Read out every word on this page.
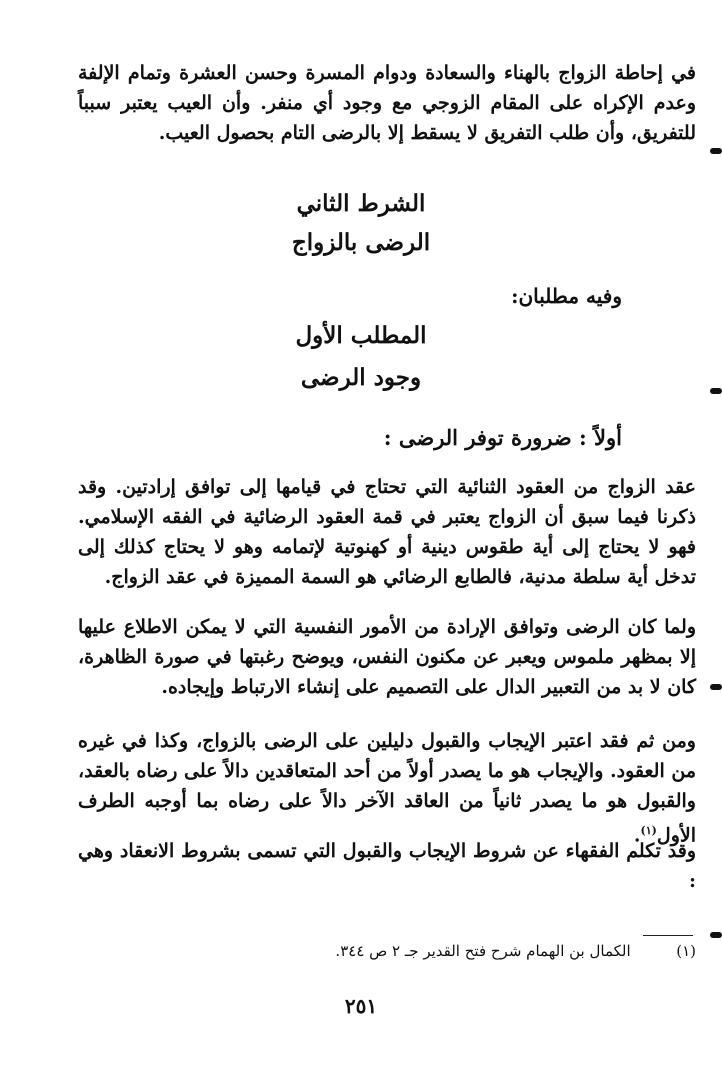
في إحاطة الزواج بالهناء والسعادة ودوام المسرة وحسن العشرة وتمام الإلفة وعدم الإكراه على المقام الزوجي مع وجود أي منفر. وأن العيب يعتبر سبباً للتفريق، وأن طلب التفريق لا يسقط إلا بالرضى التام بحصول العيب.

الشرط الثاني
الرضى بالزواج
وفيه مطلبان:
المطلب الأول
وجود الرضى
أولاً : ضرورة توفر الرضى :

عقد الزواج من العقود الثنائية التي تحتاج في قيامها إلى توافق إرادتين. وقد ذكرنا فيما سبق أن الزواج يعتبر في قمة العقود الرضائية في الفقه الإسلامي. فهو لا يحتاج إلى أية طقوس دينية أو كهنوتية لإتمامه وهو لا يحتاج كذلك إلى تدخل أية سلطة مدنية، فالطابع الرضائي هو السمة المميزة في عقد الزواج.

ولما كان الرضى وتوافق الإرادة من الأمور النفسية التي لا يمكن الاطلاع عليها إلا بمظهر ملموس ويعبر عن مكنون النفس، ويوضح رغبتها في صورة الظاهرة، كان لا بد من التعبير الدال على التصميم على إنشاء الارتباط وإيجاده.

ومن ثم فقد اعتبر الإيجاب والقبول دليلين على الرضى بالزواج، وكذا في غيره من العقود. والإيجاب هو ما يصدر أولاً من أحد المتعاقدين دالاً على رضاه بالعقد، والقبول هو ما يصدر ثانياً من العاقد الآخر دالاً على رضاه بما أوجبه الطرف الأول$^{(١)}$.

وقد تكلم الفقهاء عن شروط الإيجاب والقبول التي تسمى بشروط الانعقاد وهي :

(١)  الكمال بن الهمام شرح فتح القدير جـ ٢ ص ٣٤٤.
٢٥١
